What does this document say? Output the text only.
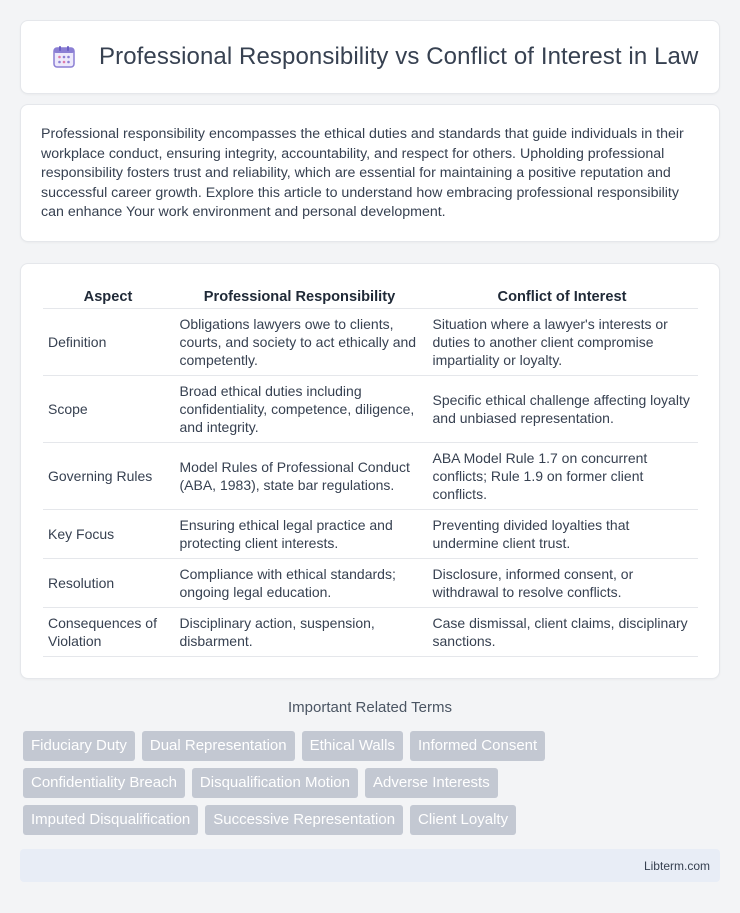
Professional Responsibility vs Conflict of Interest in Law

Professional responsibility encompasses the ethical duties and standards that guide individuals in their workplace conduct, ensuring integrity, accountability, and respect for others. Upholding professional responsibility fosters trust and reliability, which are essential for maintaining a positive reputation and successful career growth. Explore this article to understand how embracing professional responsibility can enhance Your work environment and personal development.

Aspect	Professional Responsibility	Conflict of Interest
Definition	Obligations lawyers owe to clients, courts, and society to act ethically and competently.	Situation where a lawyer's interests or duties to another client compromise impartiality or loyalty.
Scope	Broad ethical duties including confidentiality, competence, diligence, and integrity.	Specific ethical challenge affecting loyalty and unbiased representation.
Governing Rules	Model Rules of Professional Conduct (ABA, 1983), state bar regulations.	ABA Model Rule 1.7 on concurrent conflicts; Rule 1.9 on former client conflicts.
Key Focus	Ensuring ethical legal practice and protecting client interests.	Preventing divided loyalties that undermine client trust.
Resolution	Compliance with ethical standards; ongoing legal education.	Disclosure, informed consent, or withdrawal to resolve conflicts.
Consequences of Violation	Disciplinary action, suspension, disbarment.	Case dismissal, client claims, disciplinary sanctions.
Important Related Terms
Fiduciary Duty	Dual Representation	Ethical Walls	Informed Consent
Confidentiality Breach	Disqualification Motion	Adverse Interests
Imputed Disqualification	Successive Representation	Client Loyalty
Libterm.com
